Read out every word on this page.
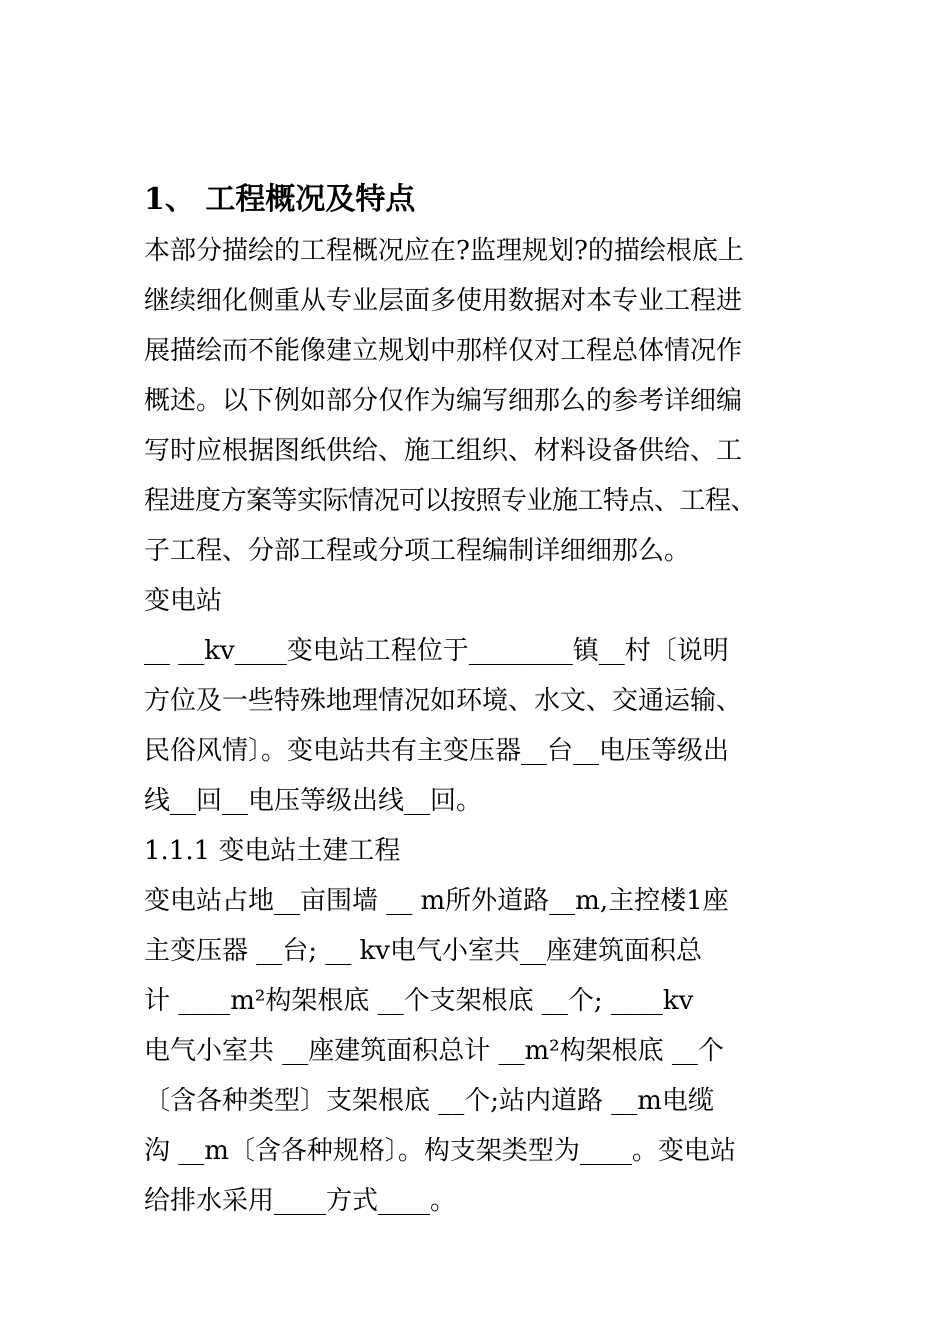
1、 工程概况及特点
本部分描绘的工程概况应在?监理规划?的描绘根底上
继续细化侧重从专业层面多使用数据对本专业工程进
展描绘而不能像建立规划中那样仅对工程总体情况作
概述。以下例如部分仅作为编写细那么的参考详细编
写时应根据图纸供给、施工组织、材料设备供给、工
程进度方案等实际情况可以按照专业施工特点、工程、
子工程、分部工程或分项工程编制详细细那么。
变电站
__ __kv____变电站工程位于________镇__村〔说明
方位及一些特殊地理情况如环境、水文、交通运输、
民俗风情〕。变电站共有主变压器__台__电压等级出
线__回__电压等级出线__回。
1.1.1 变电站土建工程
变电站占地__亩围墙 __ m所外道路__m,主控楼1座
主变压器 __台; __ kv电气小室共__座建筑面积总
计 ____m²构架根底 __个支架根底 __个; ____kv
电气小室共 __座建筑面积总计 __m²构架根底 __个
〔含各种类型〕支架根底 __个;站内道路 __m电缆
沟 __m〔含各种规格〕。构支架类型为____。变电站
给排水采用____方式____。
